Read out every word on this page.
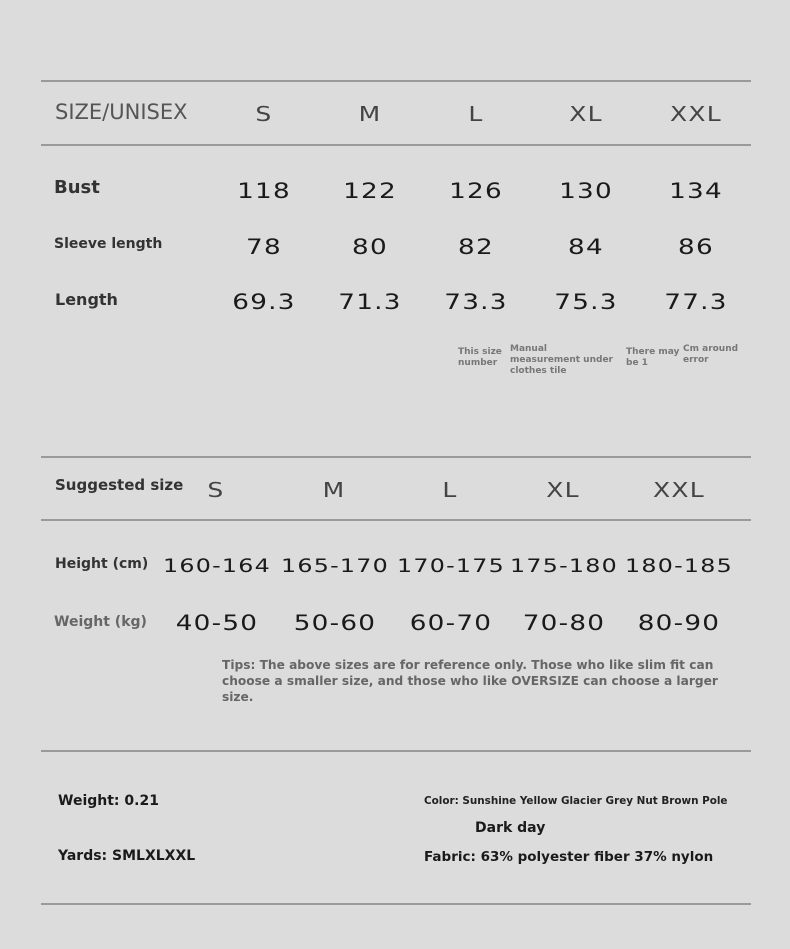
SIZE/UNISEX	S	M	L	XL	XXL
Bust	118	122	126	130	134
Sleeve length	78	80	82	84	86
Length	69.3	71.3	73.3	75.3	77.3
This size number
Manual measurement under clothes tile
There may be 1
Cm around error
Suggested size	S	M	L	XL	XXL
Height (cm) 160-164 165-170 170-175 175-180 180-185
Weight (kg)	40-50	50-60	60-70	70-80	80-90
Tips: The above sizes are for reference only. Those who like slim fit can choose a smaller size, and those who like OVERSIZE can choose a larger size.
Weight: 0.21
Yards: SMLXLXXL
Color: Sunshine Yellow Glacier Grey Nut Brown Pole
Dark day
Fabric: 63% polyester fiber 37% nylon
